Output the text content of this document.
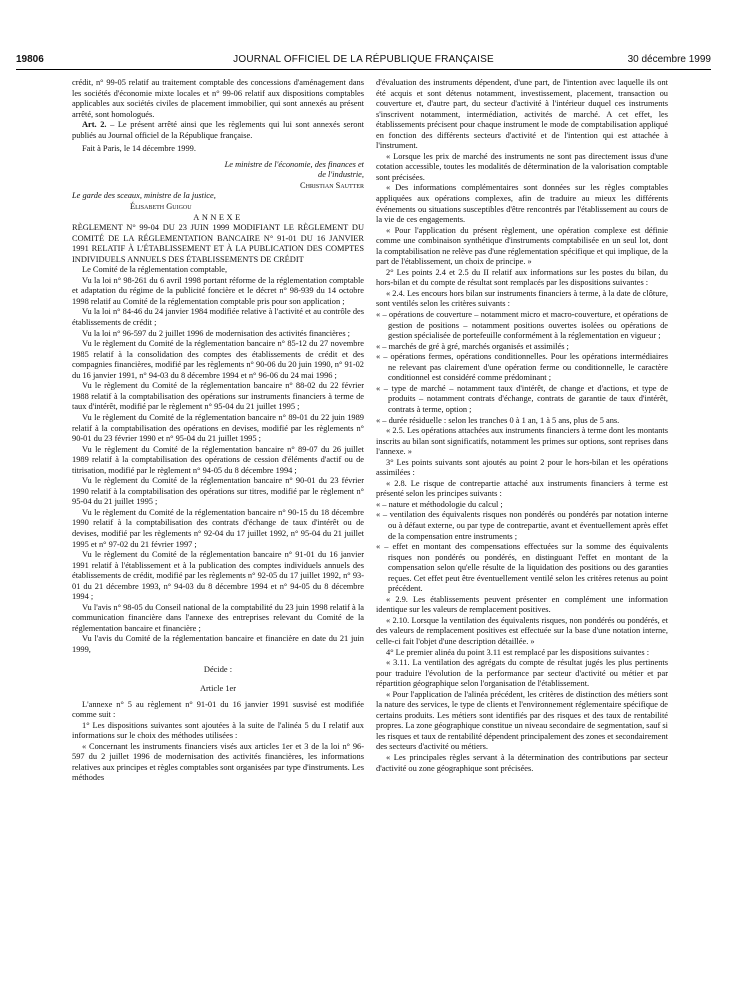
19806	JOURNAL OFFICIEL DE LA RÉPUBLIQUE FRANÇAISE	30 décembre 1999

crédit, n° 99-05 relatif au traitement comptable des concessions d'aménagement dans les sociétés d'économie mixte locales et n° 99-06 relatif aux dispositions comptables applicables aux sociétés civiles de placement immobilier, qui sont annexés au présent arrêté, sont homologués.

Art. 2. – Le présent arrêté ainsi que les règlements qui lui sont annexés seront publiés au Journal officiel de la République française.

Fait à Paris, le 14 décembre 1999.

Le ministre de l'économie, des finances et de l'industrie,

Christian Sautter

Le garde des sceaux, ministre de la justice,

Élisabeth Guigou

ANNEXE

RÈGLEMENT N° 99-04 DU 23 JUIN 1999 MODIFIANT LE RÈGLEMENT DU COMITÉ DE LA RÉGLEMENTATION BANCAIRE N° 91-01 DU 16 JANVIER 1991 RELATIF À L'ÉTABLISSEMENT ET À LA PUBLICATION DES COMPTES INDIVIDUELS ANNUELS DES ÉTABLISSEMENTS DE CRÉDIT

Le Comité de la réglementation comptable,

Vu la loi n° 98-261 du 6 avril 1998 portant réforme de la réglementation comptable et adaptation du régime de la publicité foncière et le décret n° 98-939 du 14 octobre 1998 relatif au Comité de la réglementation comptable pris pour son application ;

Vu la loi n° 84-46 du 24 janvier 1984 modifiée relative à l'activité et au contrôle des établissements de crédit ;

Vu la loi n° 96-597 du 2 juillet 1996 de modernisation des activités financières ;

Vu le règlement du Comité de la réglementation bancaire n° 85-12 du 27 novembre 1985 relatif à la consolidation des comptes des établissements de crédit et des compagnies financières, modifié par les règlements n° 90-06 du 20 juin 1990, n° 91-02 du 16 janvier 1991, n° 94-03 du 8 décembre 1994 et n° 96-06 du 24 mai 1996 ;

Vu le règlement du Comité de la réglementation bancaire n° 88-02 du 22 février 1988 relatif à la comptabilisation des opérations sur instruments financiers à terme de taux d'intérêt, modifié par le règlement n° 95-04 du 21 juillet 1995 ;

Vu le règlement du Comité de la réglementation bancaire n° 89-01 du 22 juin 1989 relatif à la comptabilisation des opérations en devises, modifié par les règlements n° 90-01 du 23 février 1990 et n° 95-04 du 21 juillet 1995 ;

Vu le règlement du Comité de la réglementation bancaire n° 89-07 du 26 juillet 1989 relatif à la comptabilisation des opérations de cession d'éléments d'actif ou de titrisation, modifié par le règlement n° 94-05 du 8 décembre 1994 ;

Vu le règlement du Comité de la réglementation bancaire n° 90-01 du 23 février 1990 relatif à la comptabilisation des opérations sur titres, modifié par le règlement n° 95-04 du 21 juillet 1995 ;

Vu le règlement du Comité de la réglementation bancaire n° 90-15 du 18 décembre 1990 relatif à la comptabilisation des contrats d'échange de taux d'intérêt ou de devises, modifié par les règlements n° 92-04 du 17 juillet 1992, n° 95-04 du 21 juillet 1995 et n° 97-02 du 21 février 1997 ;

Vu le règlement du Comité de la réglementation bancaire n° 91-01 du 16 janvier 1991 relatif à l'établissement et à la publication des comptes individuels annuels des établissements de crédit, modifié par les règlements n° 92-05 du 17 juillet 1992, n° 93-01 du 21 décembre 1993, n° 94-03 du 8 décembre 1994 et n° 94-05 du 8 décembre 1994 ;

Vu l'avis n° 98-05 du Conseil national de la comptabilité du 23 juin 1998 relatif à la communication financière dans l'annexe des entreprises relevant du Comité de la réglementation bancaire et financière ;

Vu l'avis du Comité de la réglementation bancaire et financière en date du 21 juin 1999,

Décide :

Article 1er

L'annexe n° 5 au règlement n° 91-01 du 16 janvier 1991 susvisé est modifiée comme suit :

1° Les dispositions suivantes sont ajoutées à la suite de l'alinéa 5 du I relatif aux informations sur le choix des méthodes utilisées :

« Concernant les instruments financiers visés aux articles 1er et 3 de la loi n° 96-597 du 2 juillet 1996 de modernisation des activités financières, les informations relatives aux principes et règles comptables sont organisées par type d'instruments. Les méthodes

d'évaluation des instruments dépendent, d'une part, de l'intention avec laquelle ils ont été acquis et sont détenus notamment, investissement, placement, transaction ou couverture et, d'autre part, du secteur d'activité à l'intérieur duquel ces instruments s'inscrivent notamment, intermédiation, activités de marché. A cet effet, les établissements précisent pour chaque instrument le mode de comptabilisation appliqué en fonction des différents secteurs d'activité et de l'intention qui est attachée à l'instrument.

« Lorsque les prix de marché des instruments ne sont pas directement issus d'une cotation accessible, toutes les modalités de détermination de la valorisation comptable sont précisées.

« Des informations complémentaires sont données sur les règles comptables appliquées aux opérations complexes, afin de traduire au mieux les différents événements ou situations susceptibles d'être rencontrés par l'établissement au cours de la vie de ces engagements.

« Pour l'application du présent règlement, une opération complexe est définie comme une combinaison synthétique d'instruments comptabilisée en un seul lot, dont la comptabilisation ne relève pas d'une réglementation spécifique et qui implique, de la part de l'établissement, un choix de principe. »

2° Les points 2.4 et 2.5 du II relatif aux informations sur les postes du bilan, du hors-bilan et du compte de résultat sont remplacés par les dispositions suivantes :

« 2.4. Les encours hors bilan sur instruments financiers à terme, à la date de clôture, sont ventilés selon les critères suivants :

« – opérations de couverture – notamment micro et macro-couverture, et opérations de gestion de positions – notamment positions ouvertes isolées ou opérations de gestion spécialisée de portefeuille conformément à la réglementation en vigueur ;

« – marchés de gré à gré, marchés organisés et assimilés ;

« – opérations fermes, opérations conditionnelles. Pour les opérations intermédiaires ne relevant pas clairement d'une opération ferme ou conditionnelle, le caractère conditionnel est considéré comme prédominant ;

« – type de marché – notamment taux d'intérêt, de change et d'actions, et type de produits – notamment contrats d'échange, contrats de garantie de taux d'intérêt, contrats à terme, option ;

« – durée résiduelle : selon les tranches 0 à 1 an, 1 à 5 ans, plus de 5 ans.

« 2.5. Les opérations attachées aux instruments financiers à terme dont les montants inscrits au bilan sont significatifs, notamment les primes sur options, sont reprises dans l'annexe. »

3° Les points suivants sont ajoutés au point 2 pour le hors-bilan et les opérations assimilées :

« 2.8. Le risque de contrepartie attaché aux instruments financiers à terme est présenté selon les principes suivants :

« – nature et méthodologie du calcul ;

« – ventilation des équivalents risques non pondérés ou pondérés par notation interne ou à défaut externe, ou par type de contrepartie, avant et éventuellement après effet de la compensation entre instruments ;

« – effet en montant des compensations effectuées sur la somme des équivalents risques non pondérés ou pondérés, en distinguant l'effet en montant de la compensation selon qu'elle résulte de la liquidation des positions ou des garanties reçues. Cet effet peut être éventuellement ventilé selon les critères retenus au point précédent.

« 2.9. Les établissements peuvent présenter en complément une information identique sur les valeurs de remplacement positives.

« 2.10. Lorsque la ventilation des équivalents risques, non pondérés ou pondérés, et des valeurs de remplacement positives est effectuée sur la base d'une notation interne, celle-ci fait l'objet d'une description détaillée. »

4° Le premier alinéa du point 3.11 est remplacé par les dispositions suivantes :

« 3.11. La ventilation des agrégats du compte de résultat jugés les plus pertinents pour traduire l'évolution de la performance par secteur d'activité ou métier et par répartition géographique selon l'organisation de l'établissement.

« Pour l'application de l'alinéa précédent, les critères de distinction des métiers sont la nature des services, le type de clients et l'environnement réglementaire spécifique de certains produits. Les métiers sont identifiés par des risques et des taux de rentabilité propres. La zone géographique constitue un niveau secondaire de segmentation, sauf si les risques et taux de rentabilité dépendent principalement des zones et secondairement des secteurs d'activité ou métiers.

« Les principales règles servant à la détermination des contributions par secteur d'activité ou zone géographique sont précisées.
